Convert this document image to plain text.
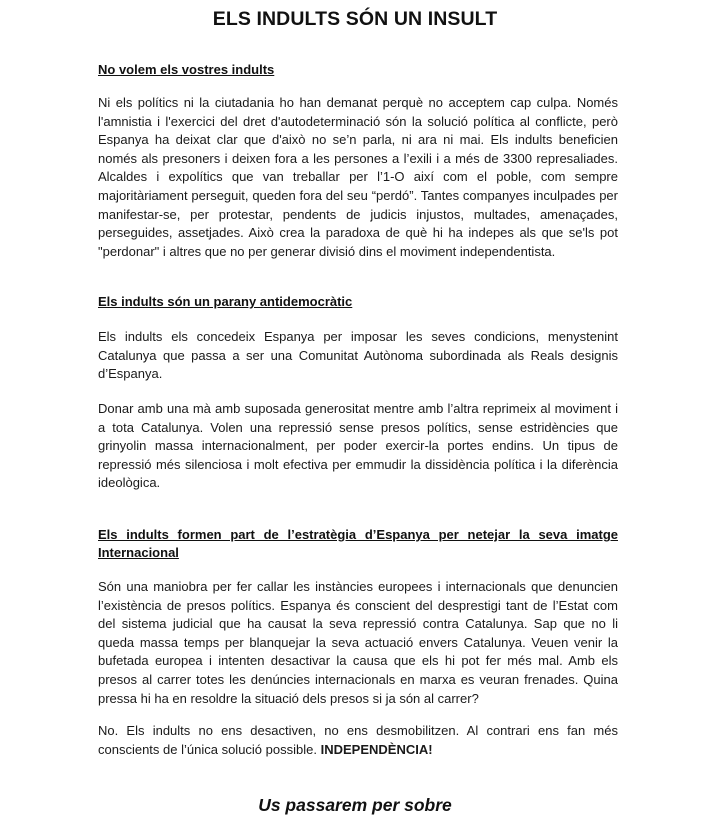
ELS INDULTS SÓN UN INSULT
No volem els vostres indults

Ni els polítics ni la ciutadania ho han demanat perquè no acceptem cap culpa. Només l'amnistia i l'exercici del dret d'autodeterminació són la solució política al conflicte, però Espanya ha deixat clar que d'això no se’n parla, ni ara ni mai. Els indults beneficien només als presoners i deixen fora a les persones a l’exili i a més de 3300 represaliades. Alcaldes i expolítics que van treballar per l’1-O així com el poble, com sempre majoritàriament perseguit, queden fora del seu “perdó”. Tantes companyes inculpades per manifestar-se, per protestar, pendents de judicis injustos, multades, amenaçades, perseguides, assetjades. Això crea la paradoxa de què hi ha indepes als que se'ls pot "perdonar" i altres que no per generar divisió dins el moviment independentista.

Els indults són un parany antidemocràtic

Els indults els concedeix Espanya per imposar les seves condicions, menystenint Catalunya que passa a ser una Comunitat Autònoma subordinada als Reals designis d’Espanya.

Donar amb una mà amb suposada generositat mentre amb l’altra reprimeix al moviment i a tota Catalunya. Volen una repressió sense presos polítics, sense estridències que grinyolin massa internacionalment, per poder exercir-la portes endins. Un tipus de repressió més silenciosa i molt efectiva per emmudir la dissidència política i la diferència ideològica.

Els indults formen part de l’estratègia d’Espanya per netejar la seva imatge Internacional

Són una maniobra per fer callar les instàncies europees i internacionals que denuncien l’existència de presos polítics. Espanya és conscient del desprestigi tant de l’Estat com del sistema judicial que ha causat la seva repressió contra Catalunya. Sap que no li queda massa temps per blanquejar la seva actuació envers Catalunya. Veuen venir la bufetada europea i intenten desactivar la causa que els hi pot fer més mal. Amb els presos al carrer totes les denúncies internacionals en marxa es veuran frenades. Quina pressa hi ha en resoldre la situació dels presos si ja són al carrer?

No. Els indults no ens desactiven, no ens desmobilitzen. Al contrari ens fan més conscients de l’única solució possible. INDEPENDÈNCIA!

Us passarem per sobre
